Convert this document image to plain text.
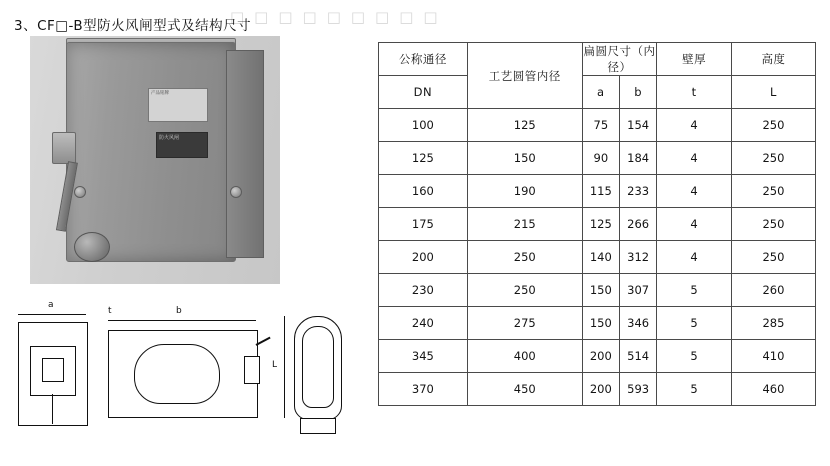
□□□□□□□□□
3、CF□-B型防火风闸型式及结构尺寸
产品铭牌
防火风闸
a
t	b
L
公称通径	工艺圆管内径	扁圆尺寸（内径）		壁厚	高度
DN		a	b	t	L
100	125	75	154	4	250
125	150	90	184	4	250
160	190	115	233	4	250
175	215	125	266	4	250
200	250	140	312	4	250
230	250	150	307	5	260
240	275	150	346	5	285
345	400	200	514	5	410
370	450	200	593	5	460
